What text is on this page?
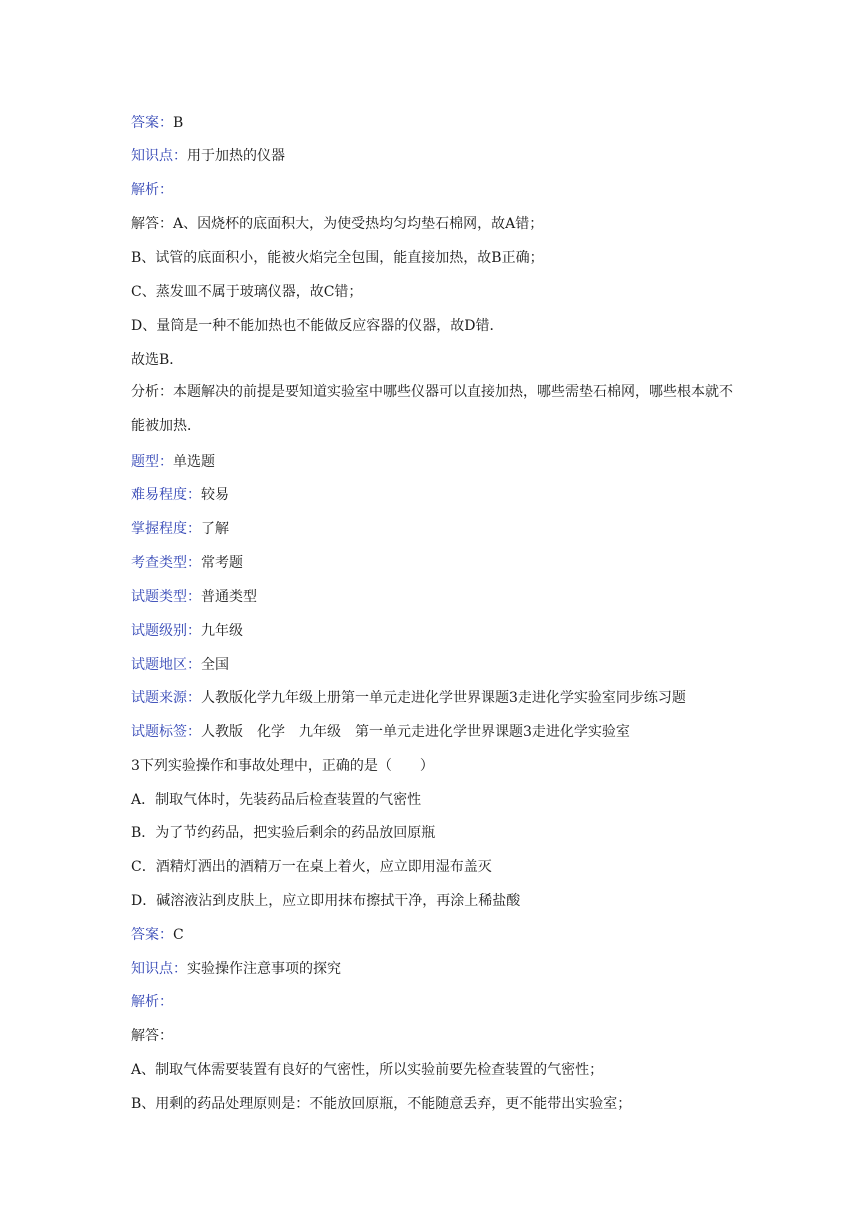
答案：B
知识点：用于加热的仪器
解析：
解答：A、因烧杯的底面积大，为使受热均匀均垫石棉网，故A错；
B、试管的底面积小，能被火焰完全包围，能直接加热，故B正确；
C、蒸发皿不属于玻璃仪器，故C错；
D、量筒是一种不能加热也不能做反应容器的仪器，故D错．
故选B．
分析：本题解决的前提是要知道实验室中哪些仪器可以直接加热，哪些需垫石棉网，哪些根本就不能被加热．
题型：单选题
难易程度：较易
掌握程度：了解
考查类型：常考题
试题类型：普通类型
试题级别：九年级
试题地区：全国
试题来源：人教版化学九年级上册第一单元走进化学世界课题3走进化学实验室同步练习题
试题标签：人教版 化学 九年级 第一单元走进化学世界课题3走进化学实验室
3下列实验操作和事故处理中，正确的是（　　）
A．制取气体时，先装药品后检查装置的气密性
B．为了节约药品，把实验后剩余的药品放回原瓶
C．酒精灯洒出的酒精万一在桌上着火，应立即用湿布盖灭
D．碱溶液沾到皮肤上，应立即用抹布擦拭干净，再涂上稀盐酸
答案：C
知识点：实验操作注意事项的探究
解析：
解答：
A、制取气体需要装置有良好的气密性，所以实验前要先检查装置的气密性；
B、用剩的药品处理原则是：不能放回原瓶，不能随意丢弃，更不能带出实验室；
